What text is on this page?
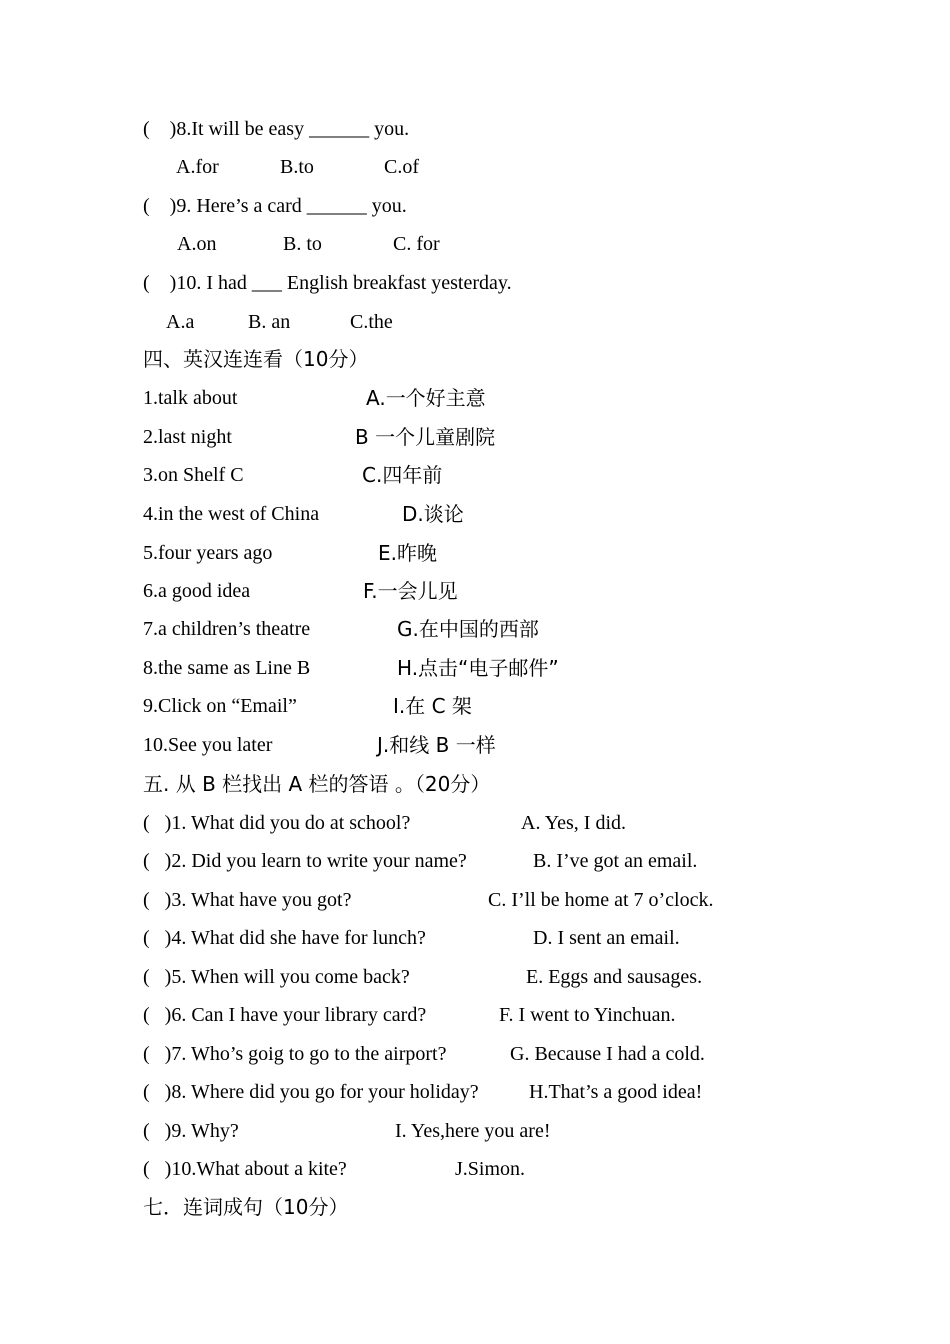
(    )8.It will be easy ______ you.
A.for	B.to	C.of
(    )9. Here’s a card ______ you.
A.on	B. to	C. for
(    )10. I had ___ English breakfast yesterday.
A.a	B. an	C.the
四、英汉连连看（10分）
1.talk about	A.一个好主意
2.last night	B 一个儿童剧院
3.on Shelf C	C.四年前
4.in the west of China	D.谈论
5.four years ago	E.昨晚
6.a good idea	F.一会儿见
7.a children’s theatre	G.在中国的西部
8.the same as Line B	H.点击“电子邮件”
9.Click on “Email”	I.在 C 架
10.See you later	J.和线 B 一样
五. 从 B 栏找出 A 栏的答语 。（20分）
(   )1. What did you do at school?	A. Yes, I did.
(   )2. Did you learn to write your name?	B. I’ve got an email.
(   )3. What have you got?	C. I’ll be home at 7 o’clock.
(   )4. What did she have for lunch?	D. I sent an email.
(   )5. When will you come back?	E. Eggs and sausages.
(   )6. Can I have your library card?	F. I went to Yinchuan.
(   )7. Who’s goig to go to the airport?	G. Because I had a cold.
(   )8. Where did you go for your holiday?	H.That’s a good idea!
(   )9. Why?	I. Yes,here you are!
(   )10.What about a kite?	J.Simon.
七．连词成句（10分）
